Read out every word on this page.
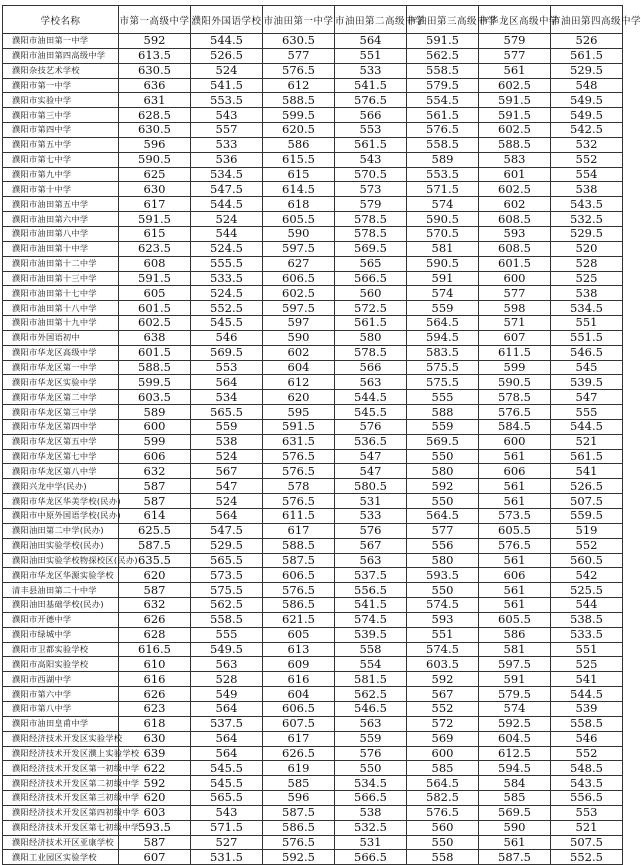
学校名称	市第一高级中学	濮阳外国语学校	市油田第一中学	市油田第二高级中学	市油田第三高级中学	市华龙区高级中学	市油田第四高级中学
濮阳市油田第一中学	592	544.5	630.5	564	591.5	579	526
濮阳市油田第四高级中学	613.5	526.5	577	551	562.5	577	561.5
濮阳杂技艺术学校	630.5	524	576.5	533	558.5	561	529.5
濮阳市第一中学	636	541.5	612	541.5	579.5	602.5	548
濮阳市实验中学	631	553.5	588.5	576.5	554.5	591.5	549.5
濮阳市第三中学	628.5	543	599.5	566	561.5	591.5	549.5
濮阳市第四中学	630.5	557	620.5	553	576.5	602.5	542.5
濮阳市第五中学	596	533	586	561.5	558.5	588.5	532
濮阳市第七中学	590.5	536	615.5	543	589	583	552
濮阳市第九中学	625	534.5	615	570.5	553.5	601	554
濮阳市第十中学	630	547.5	614.5	573	571.5	602.5	538
濮阳市油田第五中学	617	544.5	618	579	574	602	543.5
濮阳市油田第六中学	591.5	524	605.5	578.5	590.5	608.5	532.5
濮阳市油田第八中学	615	544	590	578.5	570.5	593	529.5
濮阳市油田第十中学	623.5	524.5	597.5	569.5	581	608.5	520
濮阳市油田第十二中学	608	555.5	627	565	590.5	601.5	528
濮阳市油田第十三中学	591.5	533.5	606.5	566.5	591	600	525
濮阳市油田第十七中学	605	524.5	602.5	560	574	577	538
濮阳市油田第十八中学	601.5	552.5	597.5	572.5	559	598	534.5
濮阳市油田第十九中学	602.5	545.5	597	561.5	564.5	571	551
濮阳市外国语初中	638	546	590	580	594.5	607	551.5
濮阳市华龙区高级中学	601.5	569.5	602	578.5	583.5	611.5	546.5
濮阳市华龙区第一中学	588.5	553	604	566	575.5	599	545
濮阳市华龙区实验中学	599.5	564	612	563	575.5	590.5	539.5
濮阳市华龙区第二中学	603.5	534	620	544.5	555	578.5	547
濮阳市华龙区第三中学	589	565.5	595	545.5	588	576.5	555
濮阳市华龙区第四中学	600	559	591.5	576	559	584.5	544.5
濮阳市华龙区第五中学	599	538	631.5	536.5	569.5	600	521
濮阳市华龙区第七中学	606	524	576.5	547	550	561	561.5
濮阳市华龙区第八中学	632	567	576.5	547	580	606	541
濮阳兴龙中学(民办)	587	547	578	580.5	592	561	526.5
濮阳市华龙区华美学校(民办)	587	524	576.5	531	550	561	507.5
濮阳市中原外国语学校(民办)	614	564	611.5	533	564.5	573.5	559.5
濮阳油田第二中学(民办)	625.5	547.5	617	576	577	605.5	519
濮阳油田实验学校(民办)	587.5	529.5	588.5	567	556	576.5	552
濮阳油田实验学校物探校区(民办)	635.5	565.5	587.5	563	580	561	560.5
濮阳市华龙区华源实验学校	620	573.5	606.5	537.5	593.5	606	542
清丰县油田第二十中学	587	575.5	576.5	556.5	550	561	525.5
濮阳油田基础学校(民办)	632	562.5	586.5	541.5	574.5	561	544
濮阳市开德中学	626	558.5	621.5	574.5	593	605.5	538.5
濮阳市绿城中学	628	555	605	539.5	551	586	533.5
濮阳市卫都实验学校	616.5	549.5	613	558	574.5	581	551
濮阳市高阳实验学校	610	563	609	554	603.5	597.5	525
濮阳市西湖中学	616	528	616	581.5	592	591	541
濮阳市第六中学	626	549	604	562.5	567	579.5	544.5
濮阳市第八中学	623	564	606.5	546.5	552	574	539
濮阳市油田皇甫中学	618	537.5	607.5	563	572	592.5	558.5
濮阳经济技术开发区实验学校	630	564	617	559	569	604.5	546
濮阳经济技术开发区濮上实验学校	639	564	626.5	576	600	612.5	552
濮阳经济技术开发区第一初级中学	622	545.5	619	550	585	594.5	548.5
濮阳经济技术开发区第二初级中学	592	545.5	585	534.5	564.5	584	543.5
濮阳经济技术开发区第三初级中学	620	565.5	596	566.5	582.5	585	556.5
濮阳经济技术开发区第四初级中学	603	543	587.5	538	576.5	569.5	553
濮阳经济技术开发区第七初级中学	593.5	571.5	586.5	532.5	560	590	521
濮阳经济技术开区亚康学校	587	527	576.5	531	550	561	507.5
濮阳工业园区实验学校	607	531.5	592.5	566.5	558	587.5	552.5
